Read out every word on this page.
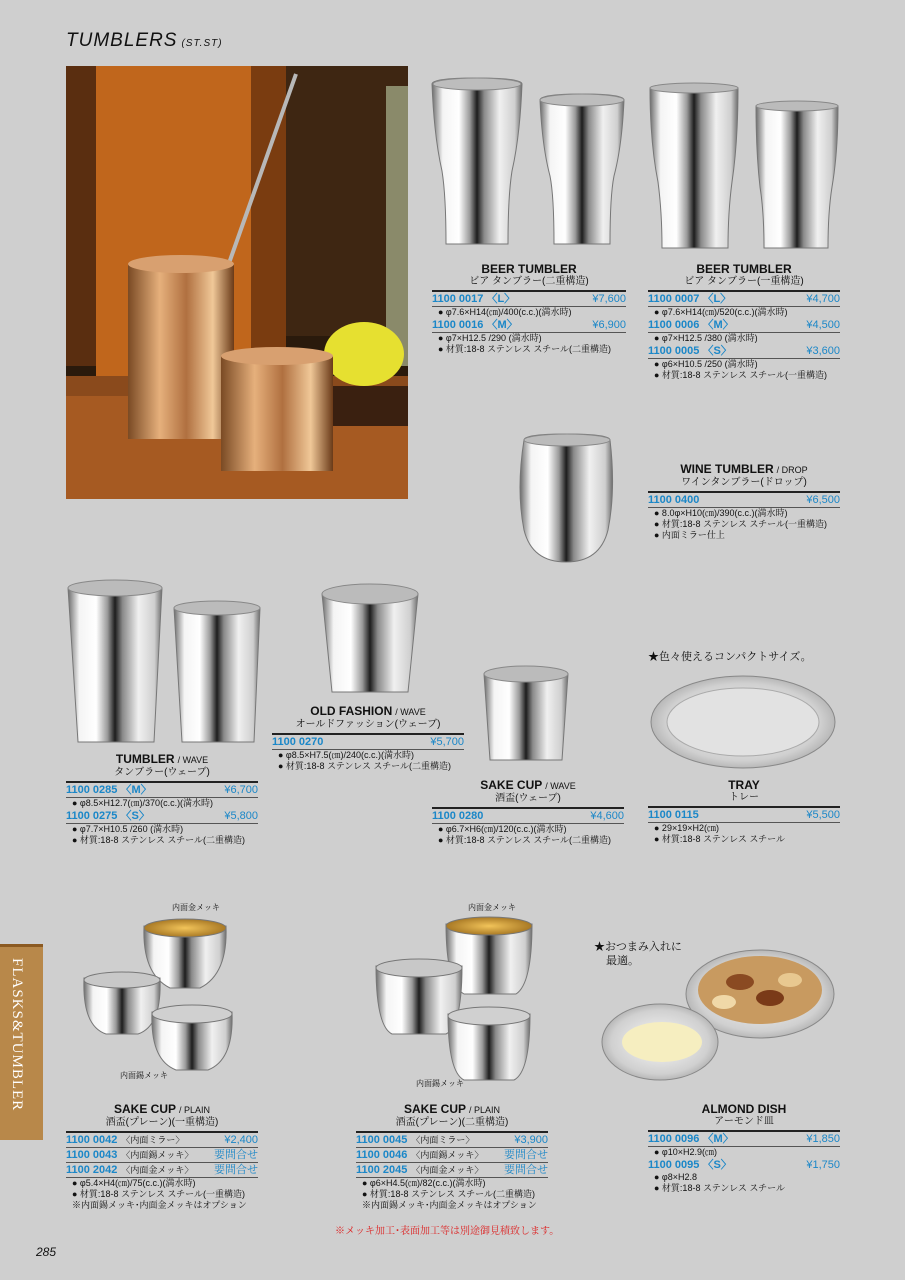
TUMBLERS (ST.ST)
FLASKS&TUMBLER
BEER TUMBLER
ビア タンブラー(二重構造)
1100 0017 〈L〉	¥7,600
● φ7.6×H14(㎝)/400(c.c.)(満水時)
1100 0016 〈M〉	¥6,900
● φ7×H12.5 /290 (満水時)
● 材質:18-8 ステンレス スチール(二重構造)
BEER TUMBLER
ビア タンブラー(一重構造)
1100 0007 〈L〉	¥4,700
● φ7.6×H14(㎝)/520(c.c.)(満水時)
1100 0006 〈M〉	¥4,500
● φ7×H12.5 /380 (満水時)
1100 0005 〈S〉	¥3,600
● φ6×H10.5 /250 (満水時)
● 材質:18-8 ステンレス スチール(一重構造)
WINE TUMBLER / DROP
ワインタンブラー(ドロップ)
1100 0400	¥6,500
● 8.0φ×H10(㎝)/390(c.c.)(満水時)
● 材質:18-8 ステンレス スチール(一重構造)
● 内面ミラー仕上
TUMBLER / WAVE
タンブラー(ウェーブ)
1100 0285 〈M〉	¥6,700
● φ8.5×H12.7(㎝)/370(c.c.)(満水時)
1100 0275 〈S〉	¥5,800
● φ7.7×H10.5 /260 (満水時)
● 材質:18-8 ステンレス スチール(二重構造)
OLD FASHION / WAVE
オールドファッション(ウェーブ)
1100 0270	¥5,700
● φ8.5×H7.5(㎝)/240(c.c.)(満水時)
● 材質:18-8 ステンレス スチール(二重構造)
SAKE CUP / WAVE
酒盃(ウェーブ)
1100 0280	¥4,600
● φ6.7×H6(㎝)/120(c.c.)(満水時)
● 材質:18-8 ステンレス スチール(二重構造)
★色々使えるコンパクトサイズ。
TRAY
トレー
1100 0115	¥5,500
● 29×19×H2(㎝)
● 材質:18-8 ステンレス スチール
内面金メッキ
内面錫メッキ
SAKE CUP / PLAIN
酒盃(プレーン)(一重構造)
1100 0042 〈内面ミラー〉	¥2,400
1100 0043 〈内面錫メッキ〉 要問合せ
1100 2042 〈内面金メッキ〉 要問合せ
● φ5.4×H4(㎝)/75(c.c.)(満水時)
● 材質:18-8 ステンレス スチール(一重構造)
※内面錫メッキ･内面金メッキはオプション
内面金メッキ
内面錫メッキ
SAKE CUP / PLAIN
酒盃(プレーン)(二重構造)
1100 0045 〈内面ミラー〉	¥3,900
1100 0046 〈内面錫メッキ〉 要問合せ
1100 2045 〈内面金メッキ〉 要問合せ
● φ6×H4.5(㎝)/82(c.c.)(満水時)
● 材質:18-8 ステンレス スチール(二重構造)
※内面錫メッキ･内面金メッキはオプション
★おつまみ入れに
最適。
ALMOND DISH
アーモンド皿
1100 0096 〈M〉	¥1,850
● φ10×H2.9(㎝)
1100 0095 〈S〉	¥1,750
● φ8×H2.8
● 材質:18-8 ステンレス スチール
※メッキ加工･表面加工等は別途御見積致します。
285
